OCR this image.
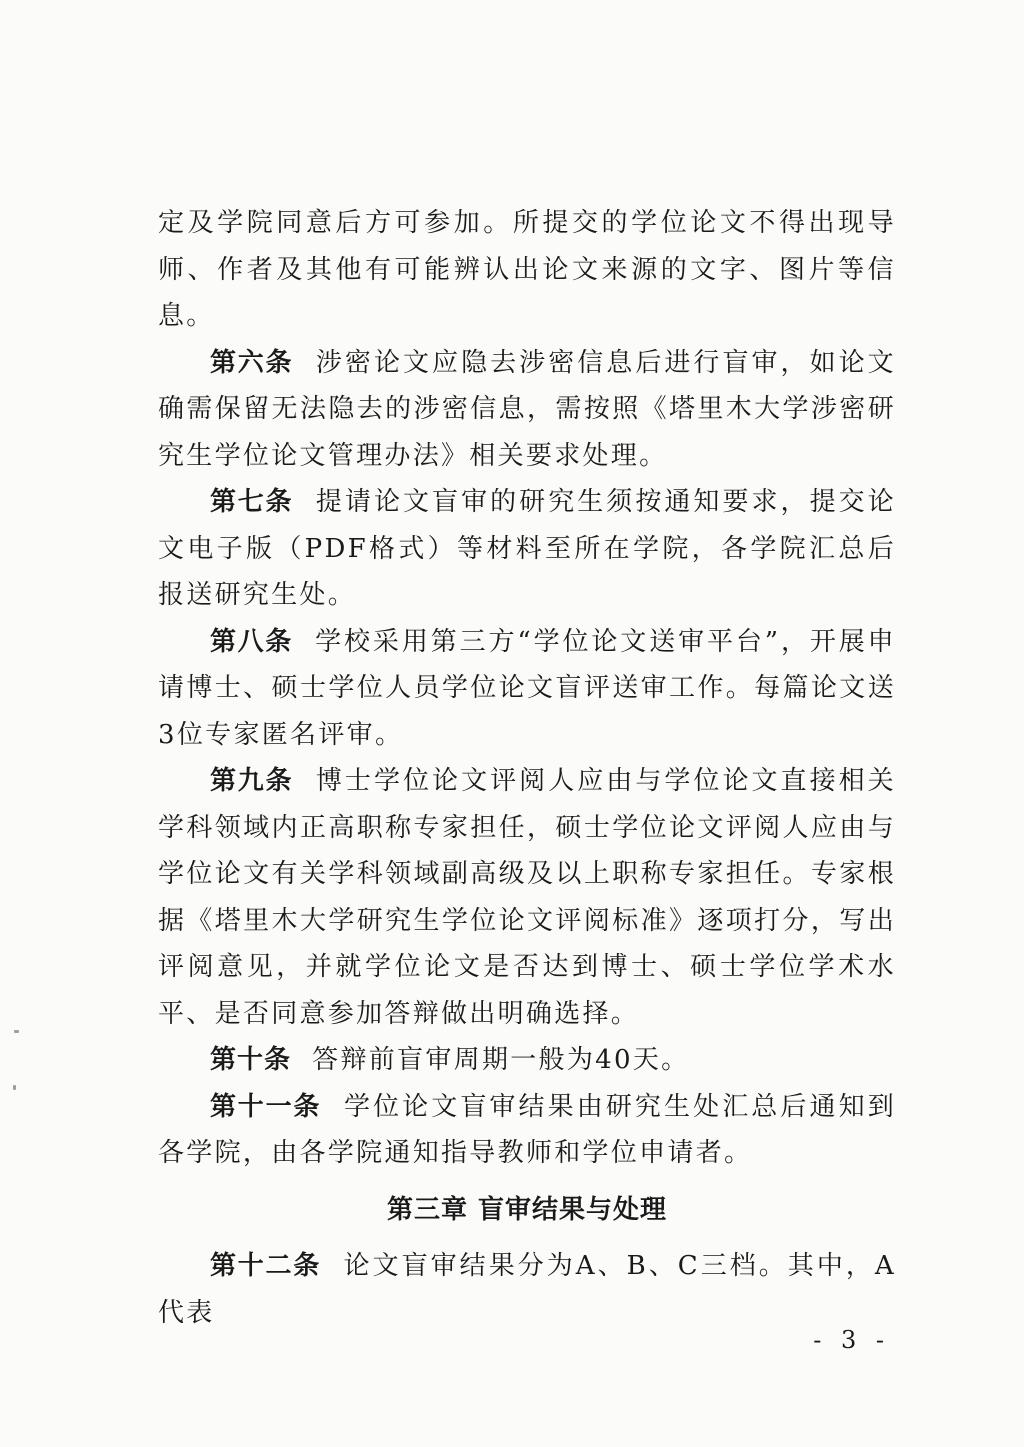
定及学院同意后方可参加。所提交的学位论文不得出现导师、作者及其他有可能辨认出论文来源的文字、图片等信息。

第六条 涉密论文应隐去涉密信息后进行盲审，如论文确需保留无法隐去的涉密信息，需按照《塔里木大学涉密研究生学位论文管理办法》相关要求处理。

第七条 提请论文盲审的研究生须按通知要求，提交论文电子版（PDF格式）等材料至所在学院，各学院汇总后报送研究生处。

第八条 学校采用第三方“学位论文送审平台”，开展申请博士、硕士学位人员学位论文盲评送审工作。每篇论文送3位专家匿名评审。

第九条 博士学位论文评阅人应由与学位论文直接相关学科领域内正高职称专家担任，硕士学位论文评阅人应由与学位论文有关学科领域副高级及以上职称专家担任。专家根据《塔里木大学研究生学位论文评阅标准》逐项打分，写出评阅意见，并就学位论文是否达到博士、硕士学位学术水平、是否同意参加答辩做出明确选择。

第十条 答辩前盲审周期一般为40天。

第十一条 学位论文盲审结果由研究生处汇总后通知到各学院，由各学院通知指导教师和学位申请者。

第三章 盲审结果与处理

第十二条 论文盲审结果分为A、B、C三档。其中，A代表

- 3 -
